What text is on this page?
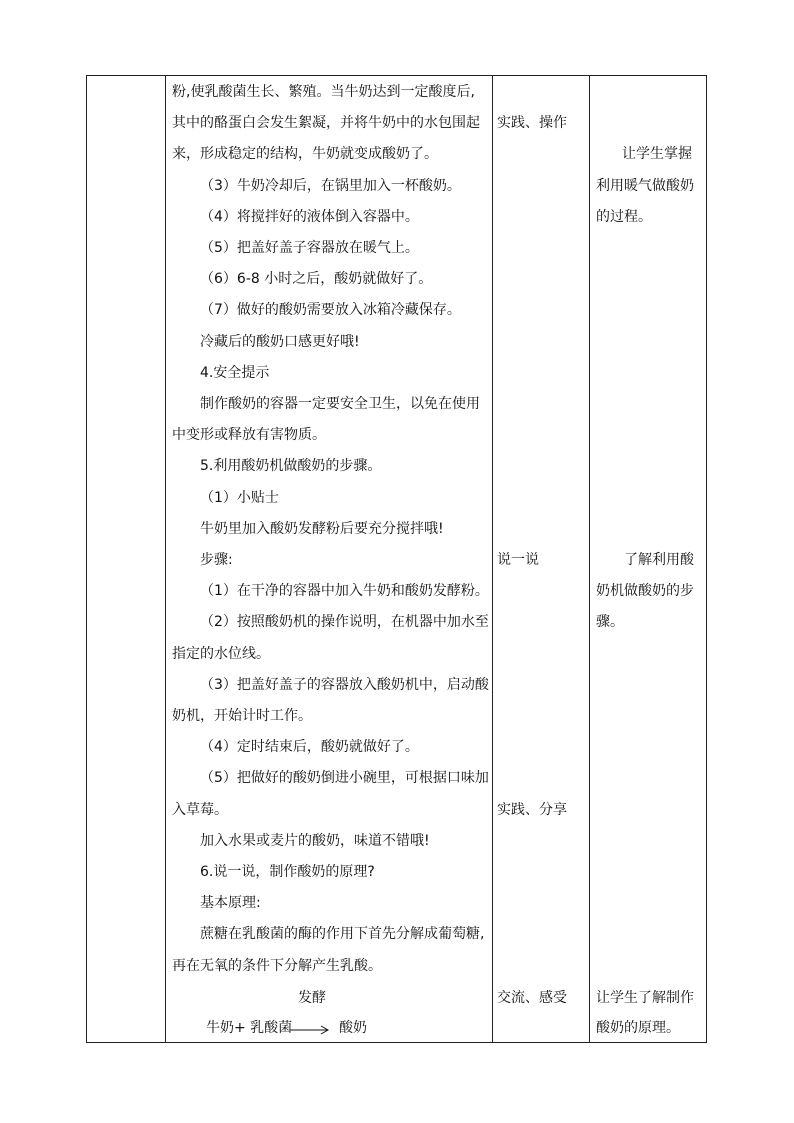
粉,使乳酸菌生长、繁殖。当牛奶达到一定酸度后,
其中的酪蛋白会发生絮凝，并将牛奶中的水包围起
来，形成稳定的结构，牛奶就变成酸奶了。
（3）牛奶冷却后，在锅里加入一杯酸奶。
（4）将搅拌好的液体倒入容器中。
（5）把盖好盖子容器放在暖气上。
（6）6-8 小时之后，酸奶就做好了。
（7）做好的酸奶需要放入冰箱冷藏保存。
冷藏后的酸奶口感更好哦!
4.安全提示
制作酸奶的容器一定要安全卫生，以免在使用
中变形或释放有害物质。
5.利用酸奶机做酸奶的步骤。
（1）小贴士
牛奶里加入酸奶发酵粉后要充分搅拌哦!
步骤:
（1）在干净的容器中加入牛奶和酸奶发酵粉。
（2）按照酸奶机的操作说明，在机器中加水至
指定的水位线。
（3）把盖好盖子的容器放入酸奶机中，启动酸
奶机，开始计时工作。
（4）定时结束后，酸奶就做好了。
（5）把做好的酸奶倒进小碗里，可根据口味加
入草莓。
加入水果或麦片的酸奶，味道不错哦!
6.说一说，制作酸奶的原理?
基本原理:
蔗糖在乳酸菌的酶的作用下首先分解成葡萄糖,
再在无氧的条件下分解产生乳酸。
发酵
牛奶+ 乳酸菌 → 酸奶
实践、操作
说一说
实践、分享
交流、感受
让学生掌握
利用暖气做酸奶
的过程。
了解利用酸
奶机做酸奶的步
骤。
让学生了解制作
酸奶的原理。
